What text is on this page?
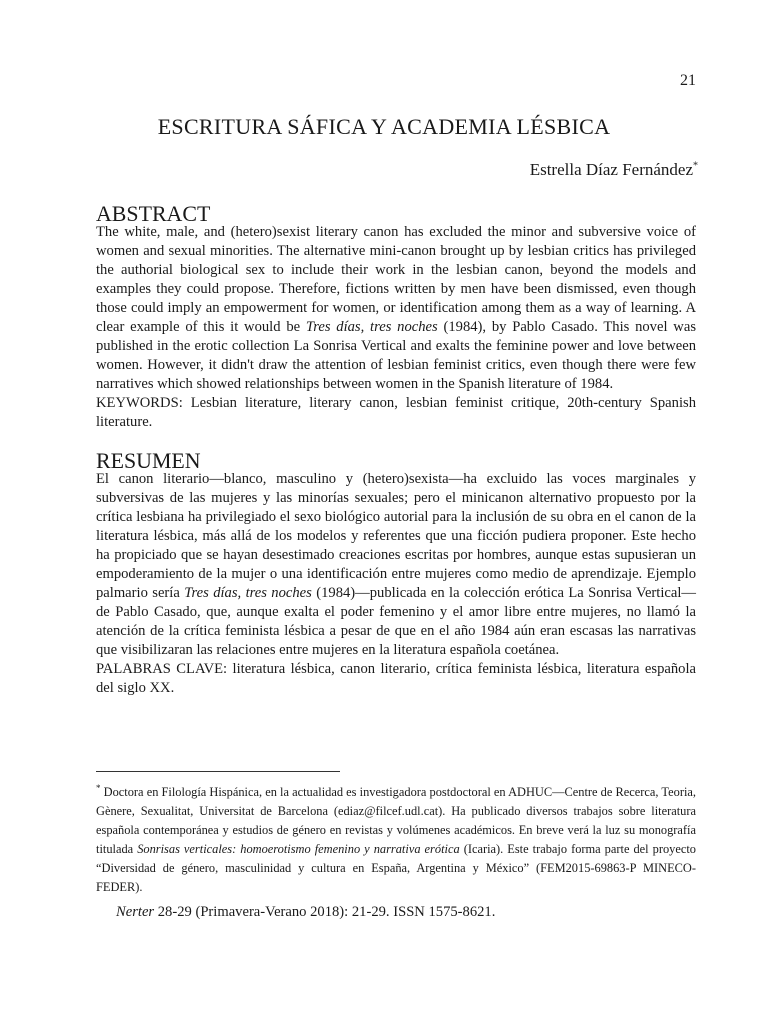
21
ESCRITURA SÁFICA Y ACADEMIA LÉSBICA
Estrella Díaz Fernández*
ABSTRACT

The white, male, and (hetero)sexist literary canon has excluded the minor and subversive voice of women and sexual minorities. The alternative mini-canon brought up by lesbian critics has privileged the authorial biological sex to include their work in the lesbian canon, beyond the models and examples they could propose. Therefore, fictions written by men have been dismissed, even though those could imply an empowerment for women, or identification among them as a way of learning. A clear example of this it would be Tres días, tres noches (1984), by Pablo Casado. This novel was published in the erotic collection La Sonrisa Vertical and exalts the feminine power and love between women. However, it didn't draw the attention of lesbian feminist critics, even though there were few narratives which showed relationships between women in the Spanish literature of 1984.

KEYWORDS: Lesbian literature, literary canon, lesbian feminist critique, 20th-century Spanish literature.

RESUMEN

El canon literario—blanco, masculino y (hetero)sexista—ha excluido las voces marginales y subversivas de las mujeres y las minorías sexuales; pero el minicanon alternativo propuesto por la crítica lesbiana ha privilegiado el sexo biológico autorial para la inclusión de su obra en el canon de la literatura lésbica, más allá de los modelos y referentes que una ficción pudiera proponer. Este hecho ha propiciado que se hayan desestimado creaciones escritas por hombres, aunque estas supusieran un empoderamiento de la mujer o una identificación entre mujeres como medio de aprendizaje. Ejemplo palmario sería Tres días, tres noches (1984)—publicada en la colección erótica La Sonrisa Vertical—de Pablo Casado, que, aunque exalta el poder femenino y el amor libre entre mujeres, no llamó la atención de la crítica feminista lésbica a pesar de que en el año 1984 aún eran escasas las narrativas que visibilizaran las relaciones entre mujeres en la literatura española coetánea.

PALABRAS CLAVE: literatura lésbica, canon literario, crítica feminista lésbica, literatura española del siglo XX.

* Doctora en Filología Hispánica, en la actualidad es investigadora postdoctoral en ADHUC—Centre de Recerca, Teoria, Gènere, Sexualitat, Universitat de Barcelona (ediaz@filcef.udl.cat). Ha publicado diversos trabajos sobre literatura española contemporánea y estudios de género en revistas y volúmenes académicos. En breve verá la luz su monografía titulada Sonrisas verticales: homoerotismo femenino y narrativa erótica (Icaria). Este trabajo forma parte del proyecto “Diversidad de género, masculinidad y cultura en España, Argentina y México” (FEM2015-69863-P MINECO-FEDER).
Nerter 28-29 (Primavera-Verano 2018): 21-29. ISSN 1575-8621.
